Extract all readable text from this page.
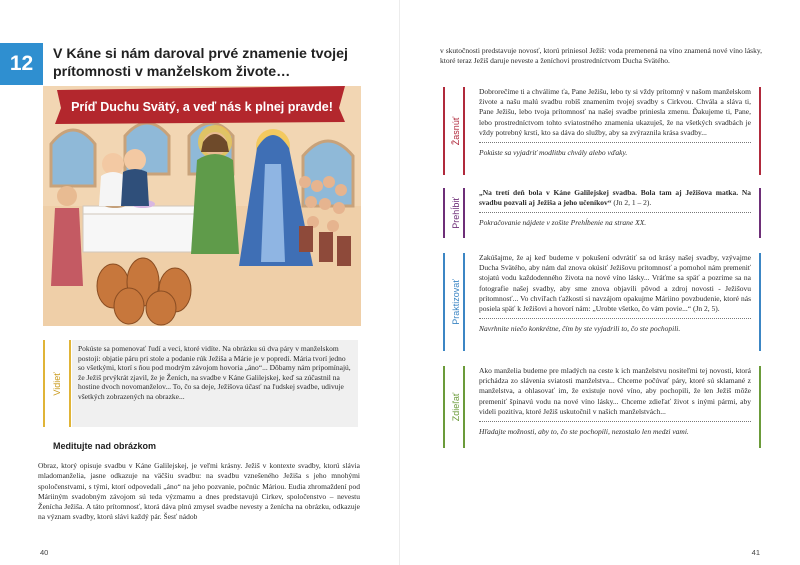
12	V Káne si nám daroval prvé znamenie tvojej
prítomnosti v manželskom živote…
Príď Duchu Svätý, a veď nás k plnej pravde!
Vidieť

Pokúste sa pomenovať ľudí a veci, ktoré vidíte. Na obrázku sú dva páry v manželskom postoji: objatie páru pri stole a podanie rúk Ježiša a Márie je v popredí. Mária tvorí jedno so všetkými, ktorí s ňou pod modrým závojom hovoria „áno“... Dôbamy nám pripomínajú, že Ježiš prvýkrát zjavil, že je Ženích, na svadbe v Káne Galilejskej, keď sa zúčastnil na hostine dvoch novomanželov... To, čo sa deje, Ježišova účasť na ľudskej svadbe, udivuje všetkých zobrazených na obrazke...

Meditujte nad obrázkom

Obraz, ktorý opisuje svadbu v Káne Galilejskej, je veľmi krásny. Ježiš v kontexte svadby, ktorú slávia mladomanželia, jasne odkazuje na väčšiu svadbu: na svadbu vznešeného Ježiša s jeho mnohými spoločenstvami, s tými, ktorí odpovedali „áno“ na jeho pozvanie, počnúc Máriou. Eudia zhromaždení pod Máriiným svadobným závojom sú teda výzmamu a dnes predstavujú Cirkev, spoločenstvo – nevestu Ženícha Ježiša. A táto prítomnosť, ktorá dáva plnú zmysel svadbe nevesty a ženícha na obrázku, odkazuje na význam svadby, ktorú slávi každý pár. Šesť nádob

40

v skutočnosti predstavuje novosť, ktorú priniesol Ježiš: voda premenená na víno znamená nové víno lásky, ktoré teraz Ježiš daruje neveste a ženíchovi prostredníctvom Ducha Svätého.

Žasnúť

Dobrorečíme ti a chválime ťa, Pane Ježišu, lebo ty si vždy prítomný v našom manželskom živote a našu malú svadbu robíš znamením tvojej svadby s Cirkvou. Chvála a sláva ti, Pane Ježišu, lebo tvoja prítomnosť na našej svadbe priniesla zmenu. Ďakujeme ti, Pane, lebo prostredníctvom tohto sviatostného znamenia ukazuješ, že na všetkých svadbách je vždy potrebný krstí, kto sa dáva do služby, aby sa zvýraznila krása svadby...

Pokúste sa vyjadriť modlitbu chvály alebo vďaky.

Prehĺbiť

„Na tretí deň bola v Káne Galilejskej svadba. Bola tam aj Ježišova matka. Na svadbu pozvali aj Ježiša a jeho učeníkov“ (Jn 2, 1 – 2).

Pokračovanie nájdete v zošite Prehĺbenie na strane XX.

Praktizovať

Zakúšajme, že aj keď budeme v pokušení odvrátiť sa od krásy našej svadby, vzývajme Ducha Svätého, aby nám dal znova okúsiť Ježišovu prítomnosť a pomohol nám premeniť stojatú vodu každodenného života na nové víno lásky... Vráťme sa späť a pozrime sa na fotografie našej svadby, aby sme znova objavili pôvod a zdroj novosti - Ježišovu prítomnosť... Vo chvíľach ťažkostí si navzájom opakujme Máriino povzbudenie, ktoré nás posiela späť k Ježišovi a hovorí nám: „Urobte všetko, čo vám povie...“ (Jn 2, 5).

Navrhnite niečo konkrétne, čím by ste vyjadrili to, čo ste pochopili.

Zdieľať

Ako manželia budeme pre mladých na ceste k ich manželstvu nositeľmi tej novosti, ktorá prichádza zo slávenia sviatosti manželstva... Chceme počúvať páry, ktoré sú sklamané z manželstva, a ohlasovať im, že existuje nové víno, aby pochopili, že len Ježiš môže premeniť špinavú vodu na nové víno lásky... Chceme zdieľať život s inými pármi, aby videli pozitíva, ktoré Ježiš uskutočnil v našich manželstvách...

Hľadajte možnosti, aby to, čo ste pochopili, nezostalo len medzi vami.

41
